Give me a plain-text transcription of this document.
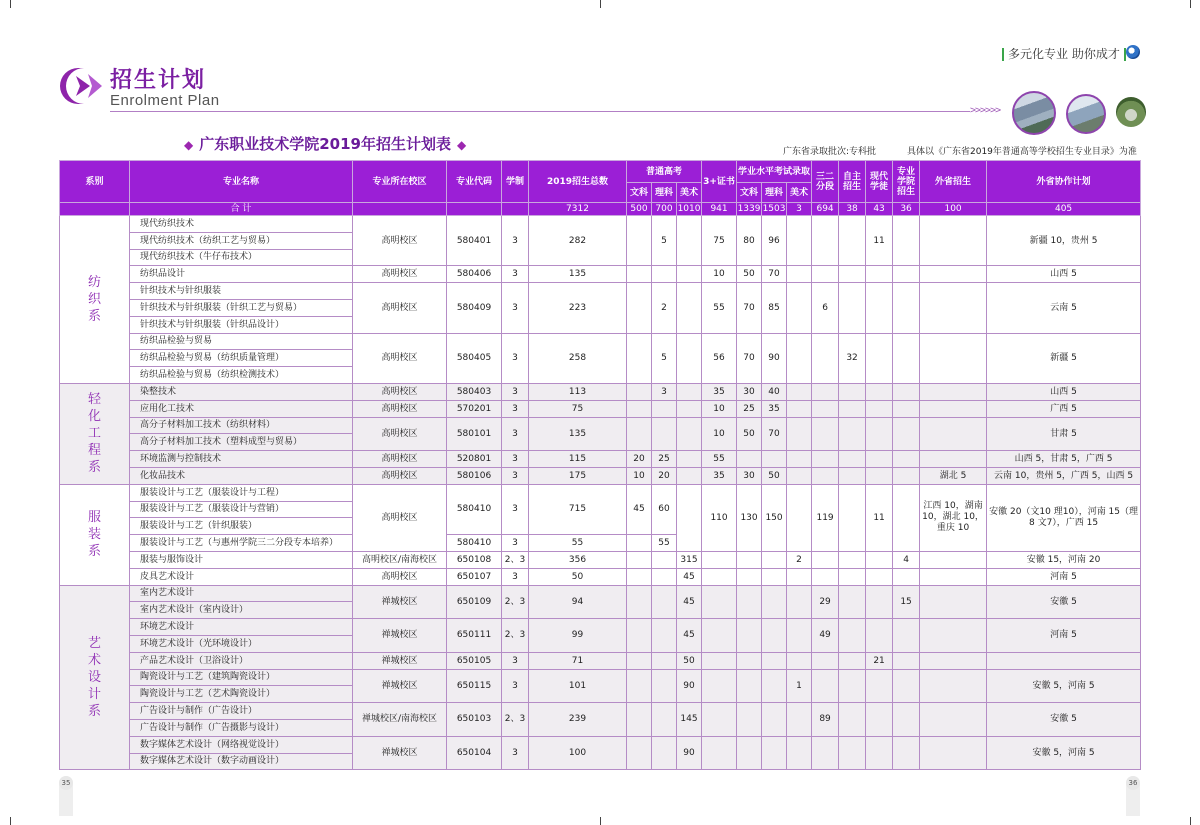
招生计划
Enrolment Plan
>>>>>>
多元化专业 助你成才
◆ 广东职业技术学院2019年招生计划表 ◆	广东省录取批次:专科批	具体以《广东省2019年普通高等学校招生专业目录》为准
系别	专业名称	专业所在校区	专业代码	学制	2019招生总数	普通高考			3+证书	学业水平考试录取			三二分段	自主招生	现代学徒	专业学院招生	外省招生	外省协作计划	
						文科	理科	美术		文科	理科	美术							
	合 计				7312	500	700	1010	941	1339	1503	3	694	38	43	36	100	405	
纺
织
系	现代纺织技术	高明校区	580401	3	282		5		75	80	96				11			新疆 10，贵州 5	
	现代纺织技术（纺织工艺与贸易）																		
	现代纺织技术（牛仔布技术）																		
	纺织品设计	高明校区	580406	3	135				10	50	70							山西 5	
	针织技术与针织服装	高明校区	580409	3	223		2		55	70	85		6					云南 5	
	针织技术与针织服装（针织工艺与贸易）																		
	针织技术与针织服装（针织品设计）																		
	纺织品检验与贸易	高明校区	580405	3	258		5		56	70	90			32				新疆 5	
	纺织品检验与贸易（纺织质量管理）																		
	纺织品检验与贸易（纺织检测技术）																		
轻
化
工
程
系	染整技术	高明校区	580403	3	113		3		35	30	40							山西 5	
	应用化工技术	高明校区	570201	3	75				10	25	35							广西 5	
	高分子材料加工技术（纺织材料）	高明校区	580101	3	135				10	50	70							甘肃 5	
	高分子材料加工技术（塑料成型与贸易）																		
	环境监测与控制技术	高明校区	520801	3	115	20	25		55									山西 5，甘肃 5，广西 5	
	化妆品技术	高明校区	580106	3	175	10	20		35	30	50						湖北 5	云南 10，贵州 5，广西 5，山西 5	
服
装
系	服装设计与工艺（服装设计与工程）	高明校区	580410	3	715	45	60		110	130	150		119		11		江西 10，湖南 10，湖北 10，重庆 10	安徽 20（文10 理10），河南 15（理8 文7），广西 15	
	服装设计与工艺（服装设计与营销）																		
	服装设计与工艺（针织服装）																		
	服装设计与工艺（与惠州学院三二分段专本培养）		580410	3	55		55												
	服装与服饰设计	高明校区/南海校区	650108	2、3	356			315				2				4		安徽 15，河南 20	
	皮具艺术设计	高明校区	650107	3	50			45										河南 5	
艺
术
设
计
系	室内艺术设计	禅城校区	650109	2、3	94			45					29			15		安徽 5	
	室内艺术设计（室内设计）																		
	环境艺术设计	禅城校区	650111	2、3	99			45					49					河南 5	
	环境艺术设计（光环境设计）																		
	产品艺术设计（卫浴设计）	禅城校区	650105	3	71			50							21				
	陶瓷设计与工艺（建筑陶瓷设计）	禅城校区	650115	3	101			90				1						安徽 5，河南 5	
	陶瓷设计与工艺（艺术陶瓷设计）																		
	广告设计与制作（广告设计）	禅城校区/南海校区	650103	2、3	239			145					89					安徽 5	
	广告设计与制作（广告摄影与设计）																		
	数字媒体艺术设计（网络视觉设计）	禅城校区	650104	3	100			90										安徽 5，河南 5	
	数字媒体艺术设计（数字动画设计）																		
35	36
